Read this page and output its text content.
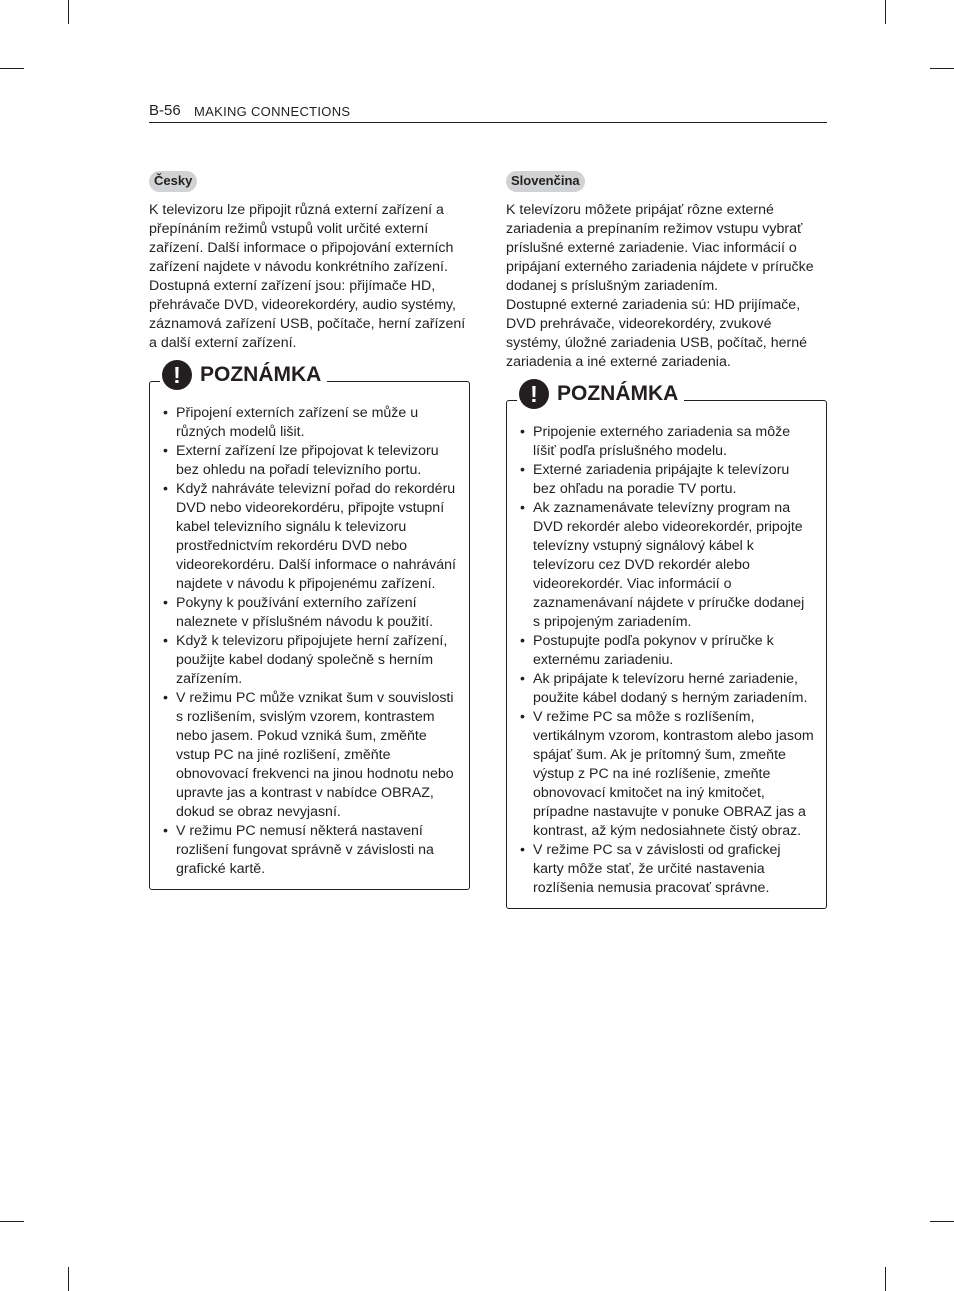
B-56 MAKING CONNECTIONS
Česky

K televizoru lze připojit různá externí zařízení a přepínáním režimů vstupů volit určité externí zařízení. Další informace o připojování externích zařízení najdete v návodu konkrétního zařízení.

Dostupná externí zařízení jsou: přijímače HD, přehrávače DVD, videorekordéry, audio systémy, záznamová zařízení USB, počítače, herní zařízení a další externí zařízení.

! POZNÁMKA
• Připojení externích zařízení se může u různých modelů lišit.
• Externí zařízení lze připojovat k televizoru bez ohledu na pořadí televizního portu.
• Když nahráváte televizní pořad do rekordéru DVD nebo videorekordéru, připojte vstupní kabel televizního signálu k televizoru prostřednictvím rekordéru DVD nebo videorekordéru. Další informace o nahrávání najdete v návodu k připojenému zařízení.
• Pokyny k používání externího zařízení naleznete v příslušném návodu k použití.
• Když k televizoru připojujete herní zařízení, použijte kabel dodaný společně s herním zařízením.
• V režimu PC může vznikat šum v souvislosti s rozlišením, svislým vzorem, kontrastem nebo jasem. Pokud vzniká šum, změňte vstup PC na jiné rozlišení, změňte obnovovací frekvenci na jinou hodnotu nebo upravte jas a kontrast v nabídce OBRAZ, dokud se obraz nevyjasní.
• V režimu PC nemusí některá nastavení rozlišení fungovat správně v závislosti na grafické kartě.
Slovenčina

K televízoru môžete pripájať rôzne externé zariadenia a prepínaním režimov vstupu vybrať príslušné externé zariadenie. Viac informácií o pripájaní externého zariadenia nájdete v príručke dodanej s príslušným zariadením.

Dostupné externé zariadenia sú: HD prijímače, DVD prehrávače, videorekordéry, zvukové systémy, úložné zariadenia USB, počítač, herné zariadenia a iné externé zariadenia.

! POZNÁMKA
• Pripojenie externého zariadenia sa môže líšiť podľa príslušného modelu.
• Externé zariadenia pripájajte k televízoru bez ohľadu na poradie TV portu.
• Ak zaznamenávate televízny program na DVD rekordér alebo videorekordér, pripojte televízny vstupný signálový kábel k televízoru cez DVD rekordér alebo videorekordér. Viac informácií o zaznamenávaní nájdete v príručke dodanej s pripojeným zariadením.
• Postupujte podľa pokynov v príručke k externému zariadeniu.
• Ak pripájate k televízoru herné zariadenie, použite kábel dodaný s herným zariadením.
• V režime PC sa môže s rozlíšením, vertikálnym vzorom, kontrastom alebo jasom spájať šum. Ak je prítomný šum, zmeňte výstup z PC na iné rozlíšenie, zmeňte obnovovací kmitočet na iný kmitočet, prípadne nastavujte v ponuke OBRAZ jas a kontrast, až kým nedosiahnete čistý obraz.
• V režime PC sa v závislosti od grafickej karty môže stať, že určité nastavenia rozlíšenia nemusia pracovať správne.
